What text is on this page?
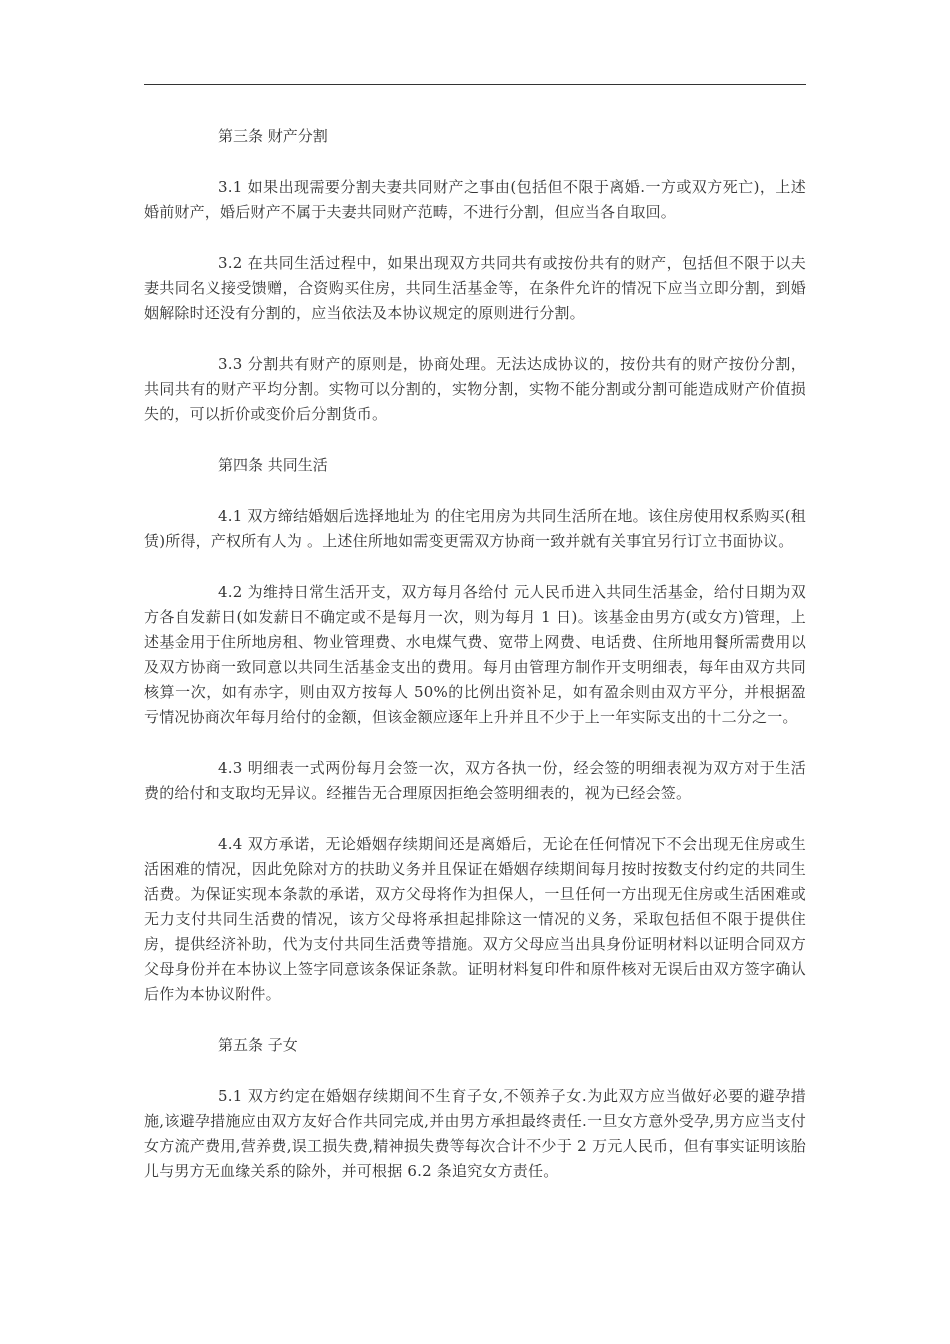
第三条 财产分割

3.1 如果出现需要分割夫妻共同财产之事由(包括但不限于离婚.一方或双方死亡)，上述婚前财产，婚后财产不属于夫妻共同财产范畴，不进行分割，但应当各自取回。

3.2 在共同生活过程中，如果出现双方共同共有或按份共有的财产，包括但不限于以夫妻共同名义接受馈赠，合资购买住房，共同生活基金等，在条件允许的情况下应当立即分割，到婚姻解除时还没有分割的，应当依法及本协议规定的原则进行分割。

3.3 分割共有财产的原则是，协商处理。无法达成协议的，按份共有的财产按份分割，共同共有的财产平均分割。实物可以分割的，实物分割，实物不能分割或分割可能造成财产价值损失的，可以折价或变价后分割货币。

第四条 共同生活

4.1 双方缔结婚姻后选择地址为 的住宅用房为共同生活所在地。该住房使用权系购买(租赁)所得，产权所有人为 。上述住所地如需变更需双方协商一致并就有关事宜另行订立书面协议。

4.2 为维持日常生活开支，双方每月各给付 元人民币进入共同生活基金，给付日期为双方各自发薪日(如发薪日不确定或不是每月一次，则为每月 1 日)。该基金由男方(或女方)管理，上述基金用于住所地房租、物业管理费、水电煤气费、宽带上网费、电话费、住所地用餐所需费用以及双方协商一致同意以共同生活基金支出的费用。每月由管理方制作开支明细表，每年由双方共同核算一次，如有赤字，则由双方按每人 50%的比例出资补足，如有盈余则由双方平分，并根据盈亏情况协商次年每月给付的金额，但该金额应逐年上升并且不少于上一年实际支出的十二分之一。

4.3 明细表一式两份每月会签一次，双方各执一份，经会签的明细表视为双方对于生活费的给付和支取均无异议。经摧告无合理原因拒绝会签明细表的，视为已经会签。

4.4 双方承诺，无论婚姻存续期间还是离婚后，无论在任何情况下不会出现无住房或生活困难的情况，因此免除对方的扶助义务并且保证在婚姻存续期间每月按时按数支付约定的共同生活费。为保证实现本条款的承诺，双方父母将作为担保人，一旦任何一方出现无住房或生活困难或无力支付共同生活费的情况，该方父母将承担起排除这一情况的义务，采取包括但不限于提供住房，提供经济补助，代为支付共同生活费等措施。双方父母应当出具身份证明材料以证明合同双方父母身份并在本协议上签字同意该条保证条款。证明材料复印件和原件核对无误后由双方签字确认后作为本协议附件。

第五条 子女

5.1 双方约定在婚姻存续期间不生育子女,不领养子女.为此双方应当做好必要的避孕措施,该避孕措施应由双方友好合作共同完成,并由男方承担最终责任.一旦女方意外受孕,男方应当支付女方流产费用,营养费,误工损失费,精神损失费等每次合计不少于 2 万元人民币，但有事实证明该胎儿与男方无血缘关系的除外，并可根据 6.2 条追究女方责任。
